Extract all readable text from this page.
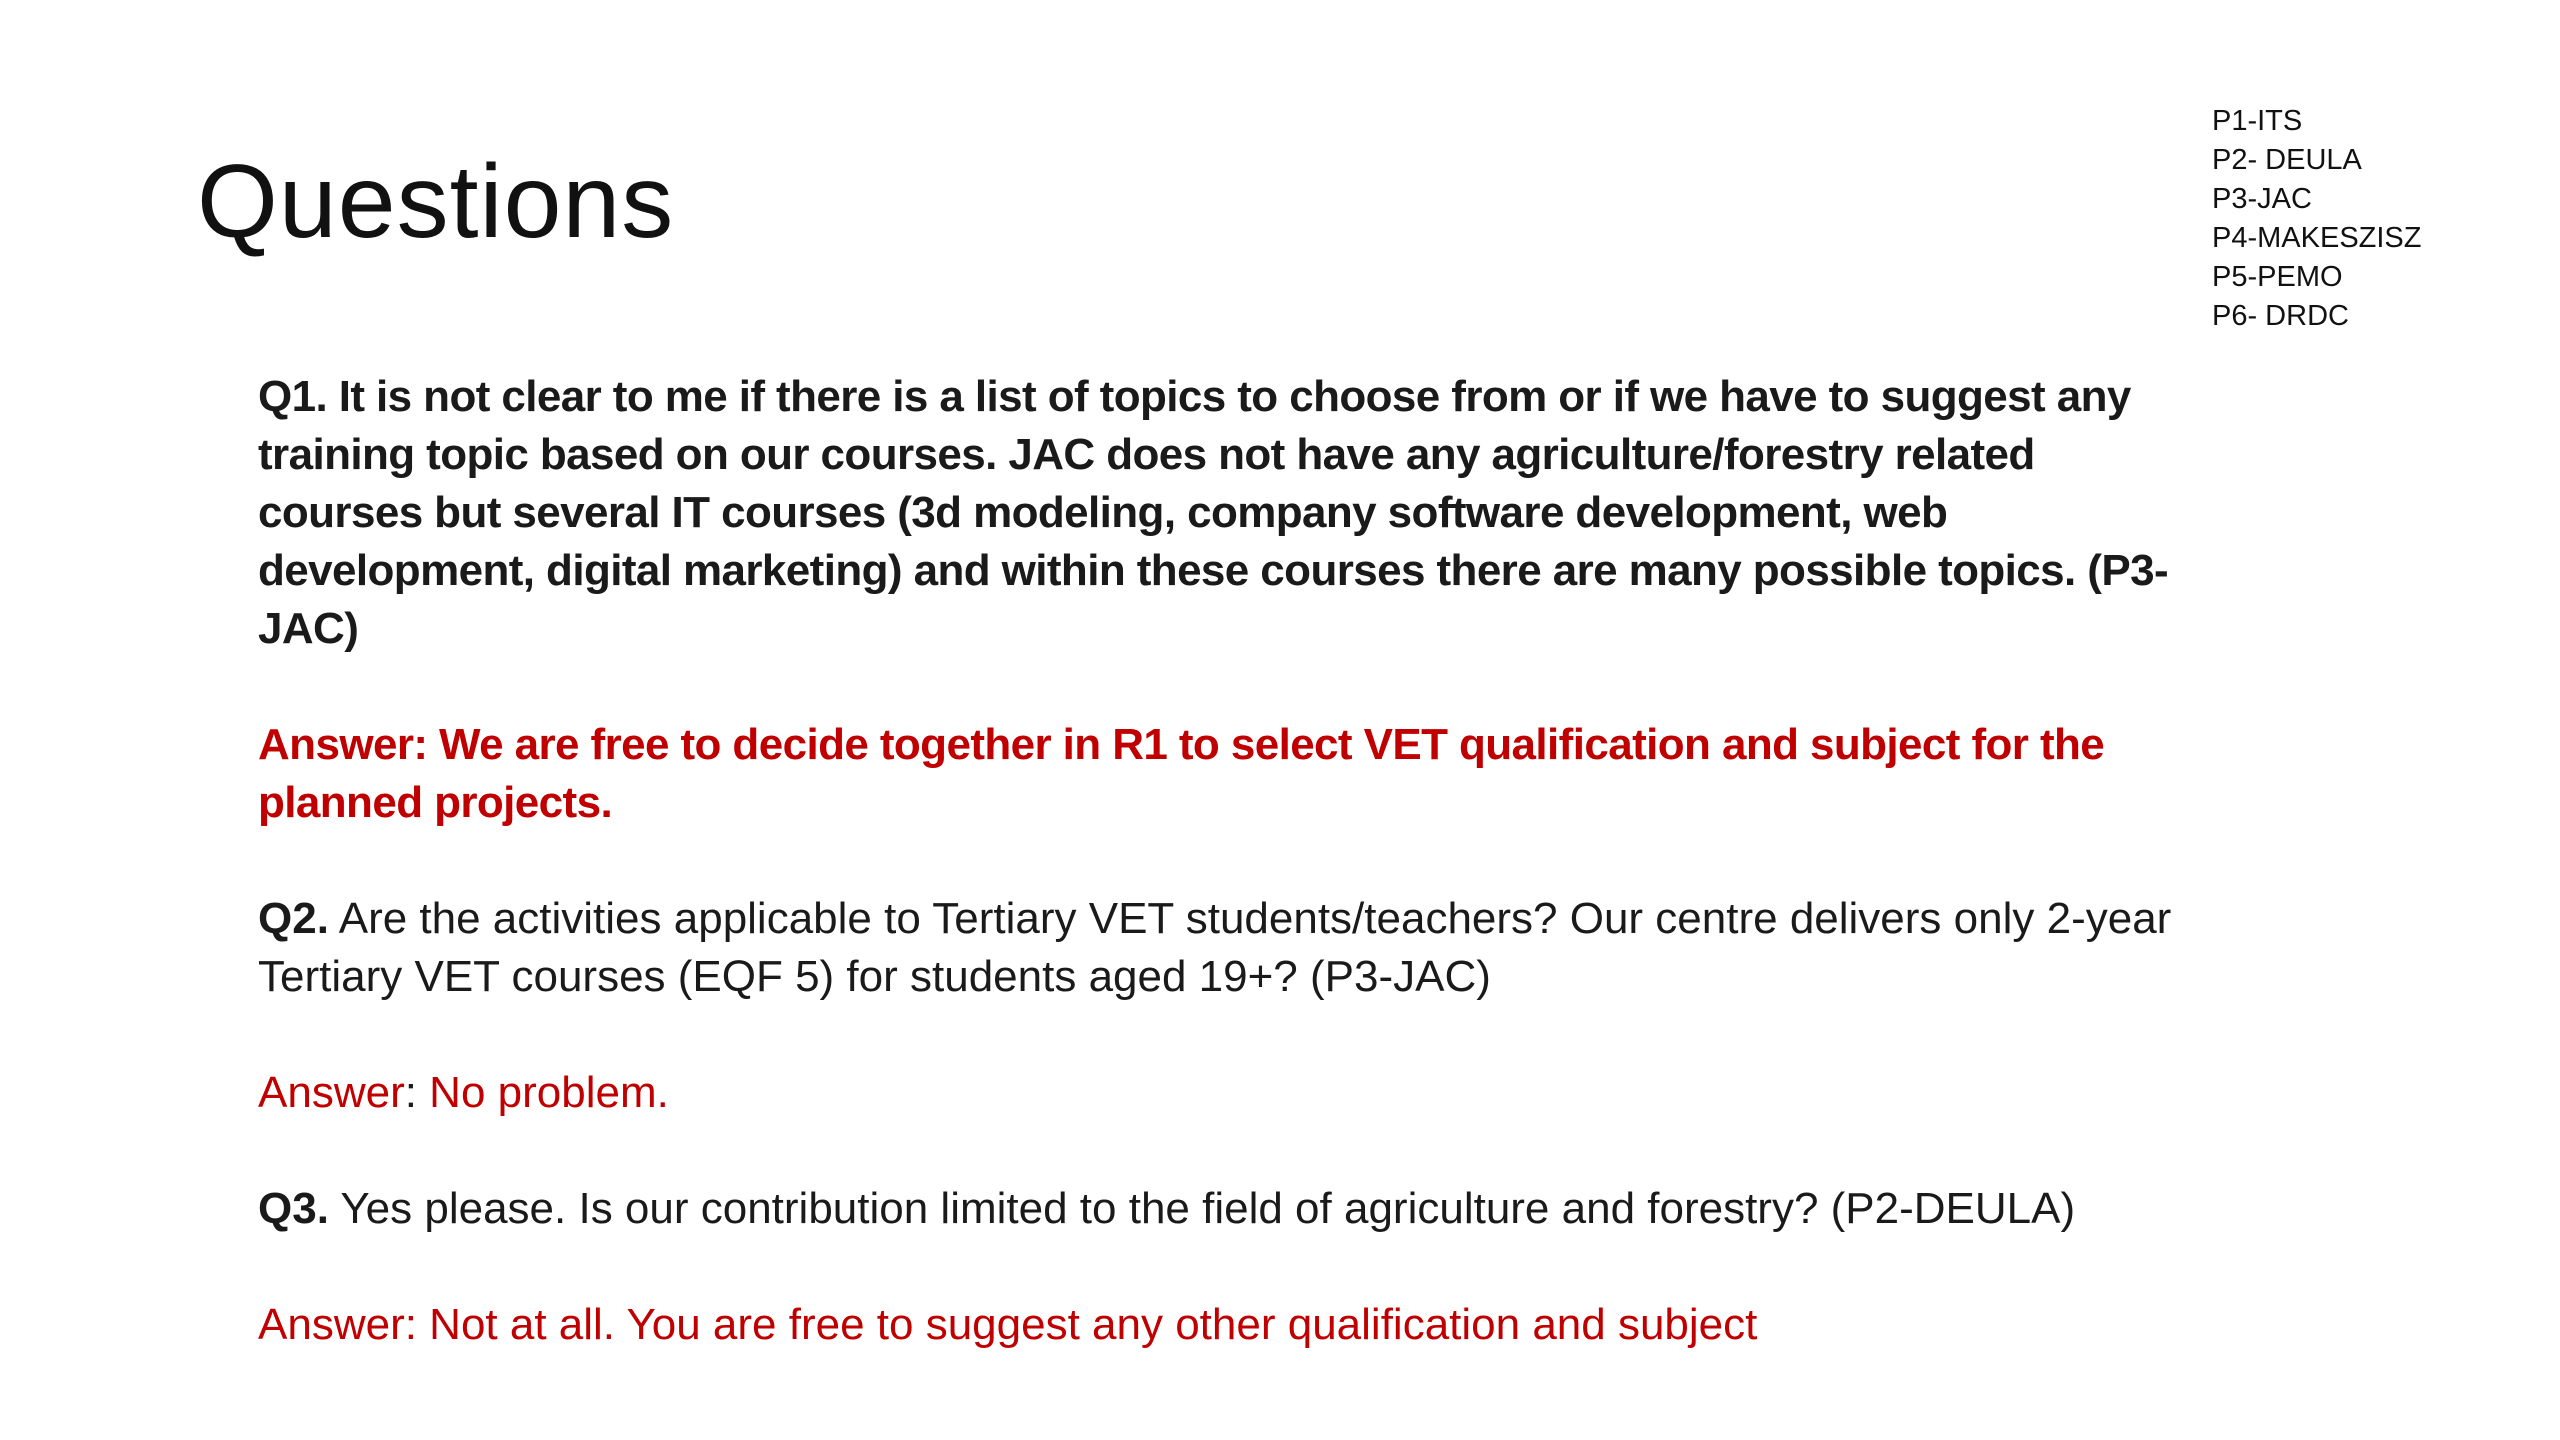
Questions
P1-ITS
P2- DEULA
P3-JAC
P4-MAKESZISZ
P5-PEMO
P6- DRDC

Q1. It is not clear to me if there is a list of topics to choose from or if we have to suggest any training topic based on our courses. JAC does not have any agriculture/forestry related courses but several IT courses (3d modeling, company software development, web development, digital marketing) and within these courses there are many possible topics. (P3-JAC)

Answer: We are free to decide together in R1 to select VET qualification and subject for the planned projects.

Q2. Are the activities applicable to Tertiary VET students/teachers? Our centre delivers only 2-year Tertiary VET courses (EQF 5) for students aged 19+? (P3-JAC)

Answer: No problem.

Q3. Yes please. Is our contribution limited to the field of agriculture and forestry? (P2-DEULA)

Answer: Not at all. You are free to suggest any other qualification and subject
